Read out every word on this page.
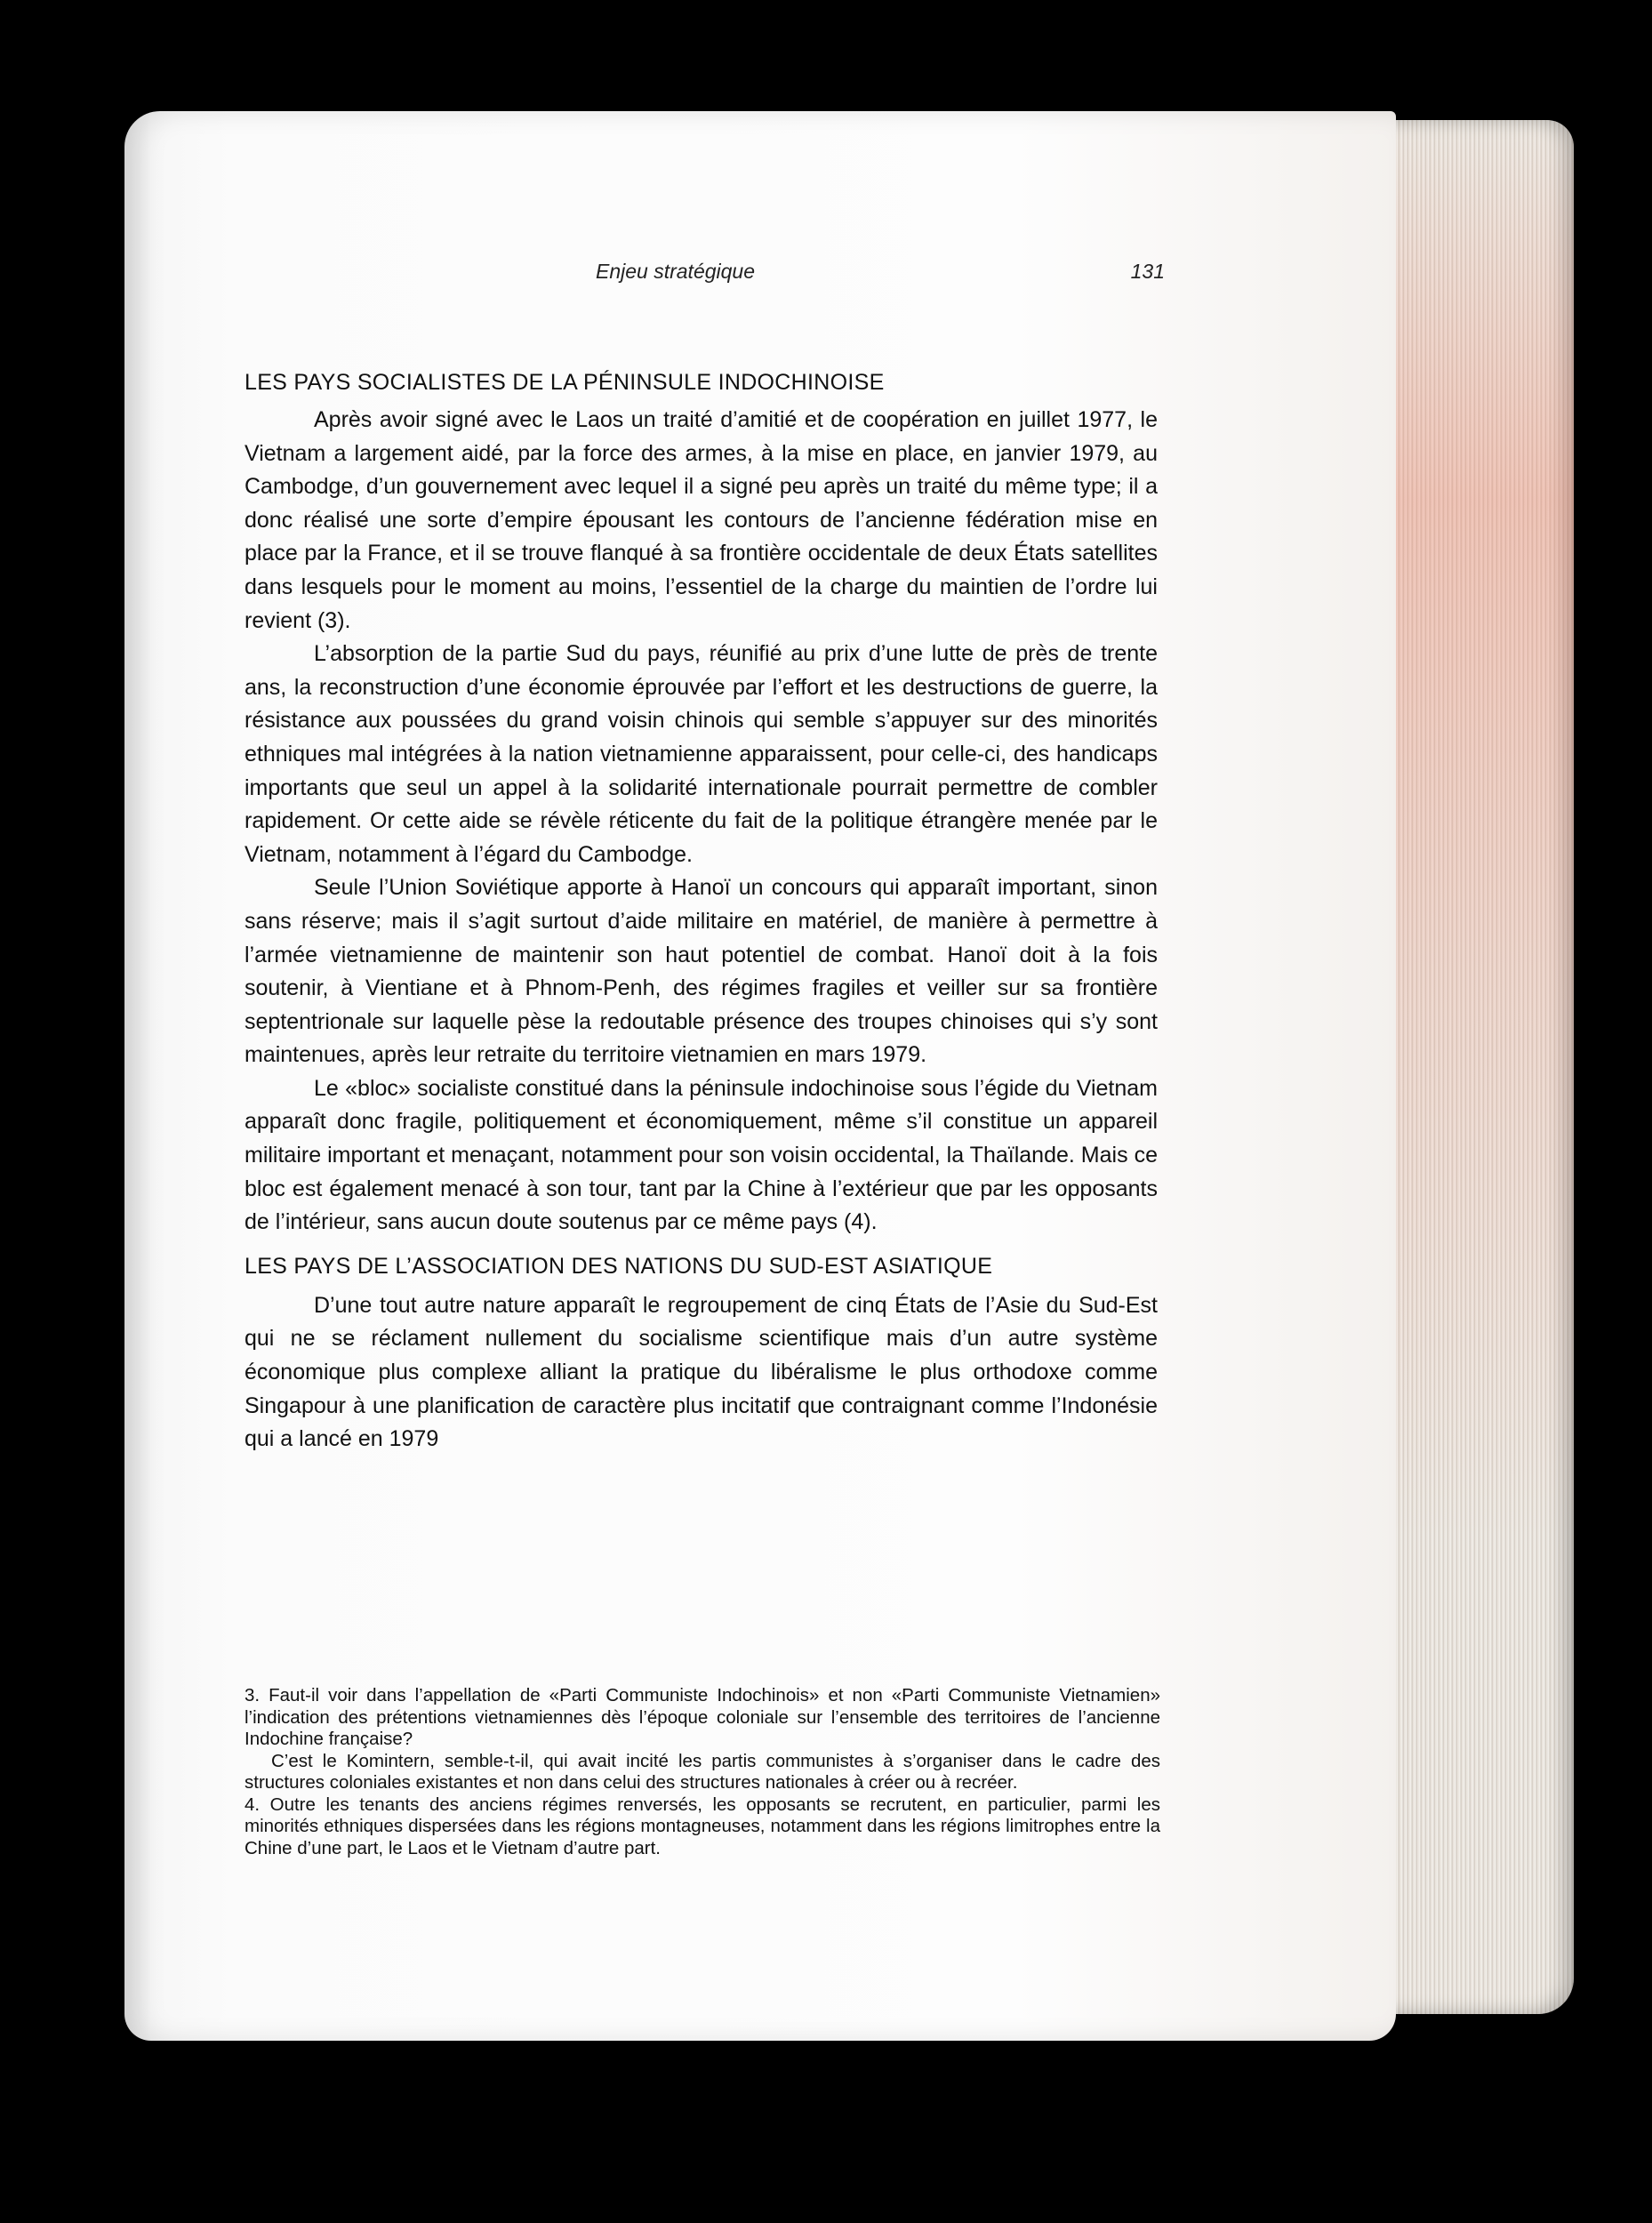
Enjeu stratégique	131
LES PAYS SOCIALISTES DE LA PÉNINSULE INDOCHINOISE

Après avoir signé avec le Laos un traité d’amitié et de coopération en juillet 1977, le Vietnam a largement aidé, par la force des armes, à la mise en place, en janvier 1979, au Cambodge, d’un gouvernement avec lequel il a signé peu après un traité du même type; il a donc réalisé une sorte d’empire épousant les contours de l’ancienne fédération mise en place par la France, et il se trouve flanqué à sa frontière occidentale de deux États satellites dans lesquels pour le moment au moins, l’essentiel de la charge du maintien de l’ordre lui revient (3).

L’absorption de la partie Sud du pays, réunifié au prix d’une lutte de près de trente ans, la reconstruction d’une économie éprouvée par l’effort et les destructions de guerre, la résistance aux poussées du grand voisin chinois qui semble s’appuyer sur des minorités ethniques mal intégrées à la nation vietnamienne apparaissent, pour celle-ci, des handicaps importants que seul un appel à la solidarité internationale pourrait permettre de combler rapidement. Or cette aide se révèle réticente du fait de la politique étrangère menée par le Vietnam, notamment à l’égard du Cambodge.

Seule l’Union Soviétique apporte à Hanoï un concours qui apparaît important, sinon sans réserve; mais il s’agit surtout d’aide militaire en matériel, de manière à permettre à l’armée vietnamienne de maintenir son haut potentiel de combat. Hanoï doit à la fois soutenir, à Vientiane et à Phnom-Penh, des régimes fragiles et veiller sur sa frontière septentrionale sur laquelle pèse la redoutable présence des troupes chinoises qui s’y sont maintenues, après leur retraite du territoire vietnamien en mars 1979.

Le «bloc» socialiste constitué dans la péninsule indochinoise sous l’égide du Vietnam apparaît donc fragile, politiquement et économiquement, même s’il constitue un appareil militaire important et menaçant, notamment pour son voisin occidental, la Thaïlande. Mais ce bloc est également menacé à son tour, tant par la Chine à l’extérieur que par les opposants de l’intérieur, sans aucun doute soutenus par ce même pays (4).

LES PAYS DE L’ASSOCIATION DES NATIONS DU SUD-EST ASIATIQUE

D’une tout autre nature apparaît le regroupement de cinq États de l’Asie du Sud-Est qui ne se réclament nullement du socialisme scientifique mais d’un autre système économique plus complexe alliant la pratique du libéralisme le plus orthodoxe comme Singapour à une planification de caractère plus incitatif que contraignant comme l’Indonésie qui a lancé en 1979

3. Faut-il voir dans l’appellation de «Parti Communiste Indochinois» et non «Parti Communiste Vietnamien» l’indication des prétentions vietnamiennes dès l’époque coloniale sur l’ensemble des territoires de l’ancienne Indochine française?

C’est le Komintern, semble-t-il, qui avait incité les partis communistes à s’organiser dans le cadre des structures coloniales existantes et non dans celui des structures nationales à créer ou à recréer.

4. Outre les tenants des anciens régimes renversés, les opposants se recrutent, en particulier, parmi les minorités ethniques dispersées dans les régions montagneuses, notamment dans les régions limitrophes entre la Chine d’une part, le Laos et le Vietnam d’autre part.
